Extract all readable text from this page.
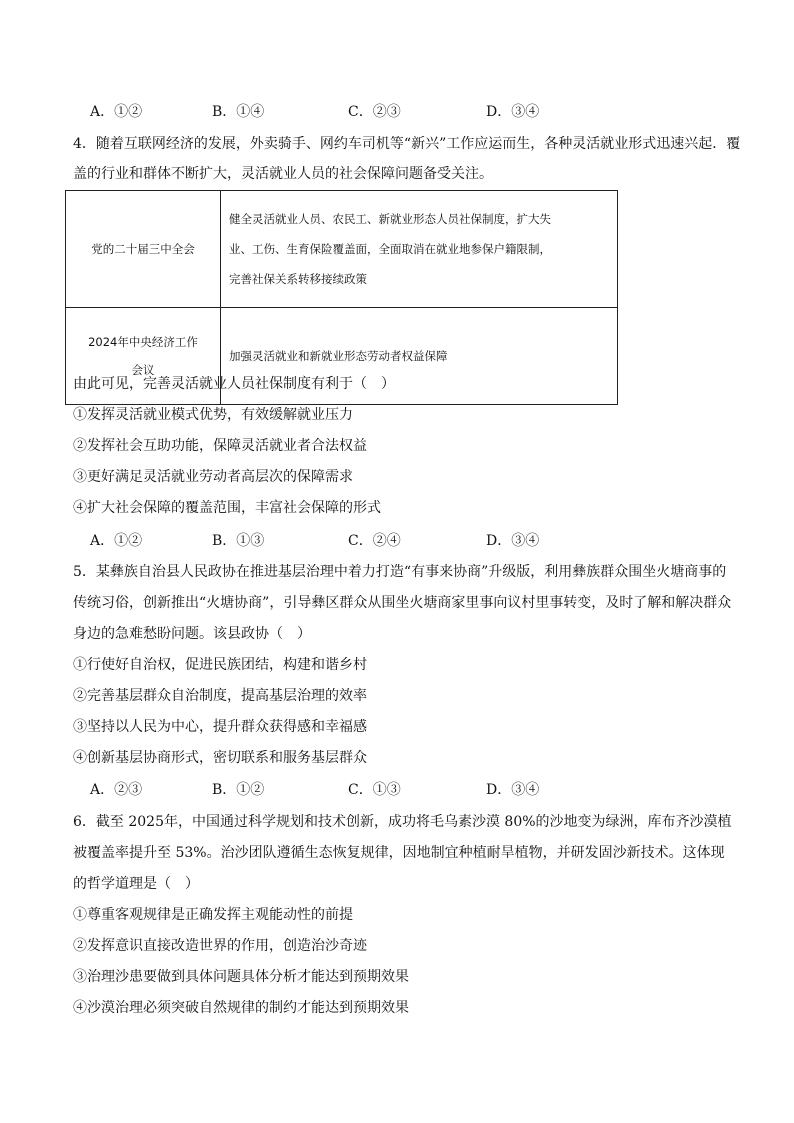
A．①②	B．①④	C．②③	D．③④
4．随着互联网经济的发展，外卖骑手、网约车司机等“新兴”工作应运而生，各种灵活就业形式迅速兴起．覆
盖的行业和群体不断扩大，灵活就业人员的社会保障问题备受关注。
党的二十届三中全会	健全灵活就业人员、农民工、新就业形态人员社保制度，扩大失
业、工伤、生育保险覆盖面，全面取消在就业地参保户籍限制，
完善社保关系转移接续政策

2024年中央经济工作
会议	加强灵活就业和新就业形态劳动者权益保障
由此可见，完善灵活就业人员社保制度有利于（　）
①发挥灵活就业模式优势，有效缓解就业压力
②发挥社会互助功能，保障灵活就业者合法权益
③更好满足灵活就业劳动者高层次的保障需求
④扩大社会保障的覆盖范围，丰富社会保障的形式
A．①②	B．①③	C．②④	D．③④
5．某彝族自治县人民政协在推进基层治理中着力打造“有事来协商”升级版，利用彝族群众围坐火塘商事的
传统习俗，创新推出“火塘协商”，引导彝区群众从围坐火塘商家里事向议村里事转变，及时了解和解决群众
身边的急难愁盼问题。该县政协（　）
①行使好自治权，促进民族团结，构建和谐乡村
②完善基层群众自治制度，提高基层治理的效率
③坚持以人民为中心，提升群众获得感和幸福感
④创新基层协商形式，密切联系和服务基层群众
A．②③	B．①②	C．①③	D．③④
6．截至 2025年，中国通过科学规划和技术创新，成功将毛乌素沙漠 80%的沙地变为绿洲，库布齐沙漠植
被覆盖率提升至 53%。治沙团队遵循生态恢复规律，因地制宜种植耐旱植物，并研发固沙新技术。这体现
的哲学道理是（　）
①尊重客观规律是正确发挥主观能动性的前提
②发挥意识直接改造世界的作用，创造治沙奇迹
③治理沙患要做到具体问题具体分析才能达到预期效果
④沙漠治理必须突破自然规律的制约才能达到预期效果
